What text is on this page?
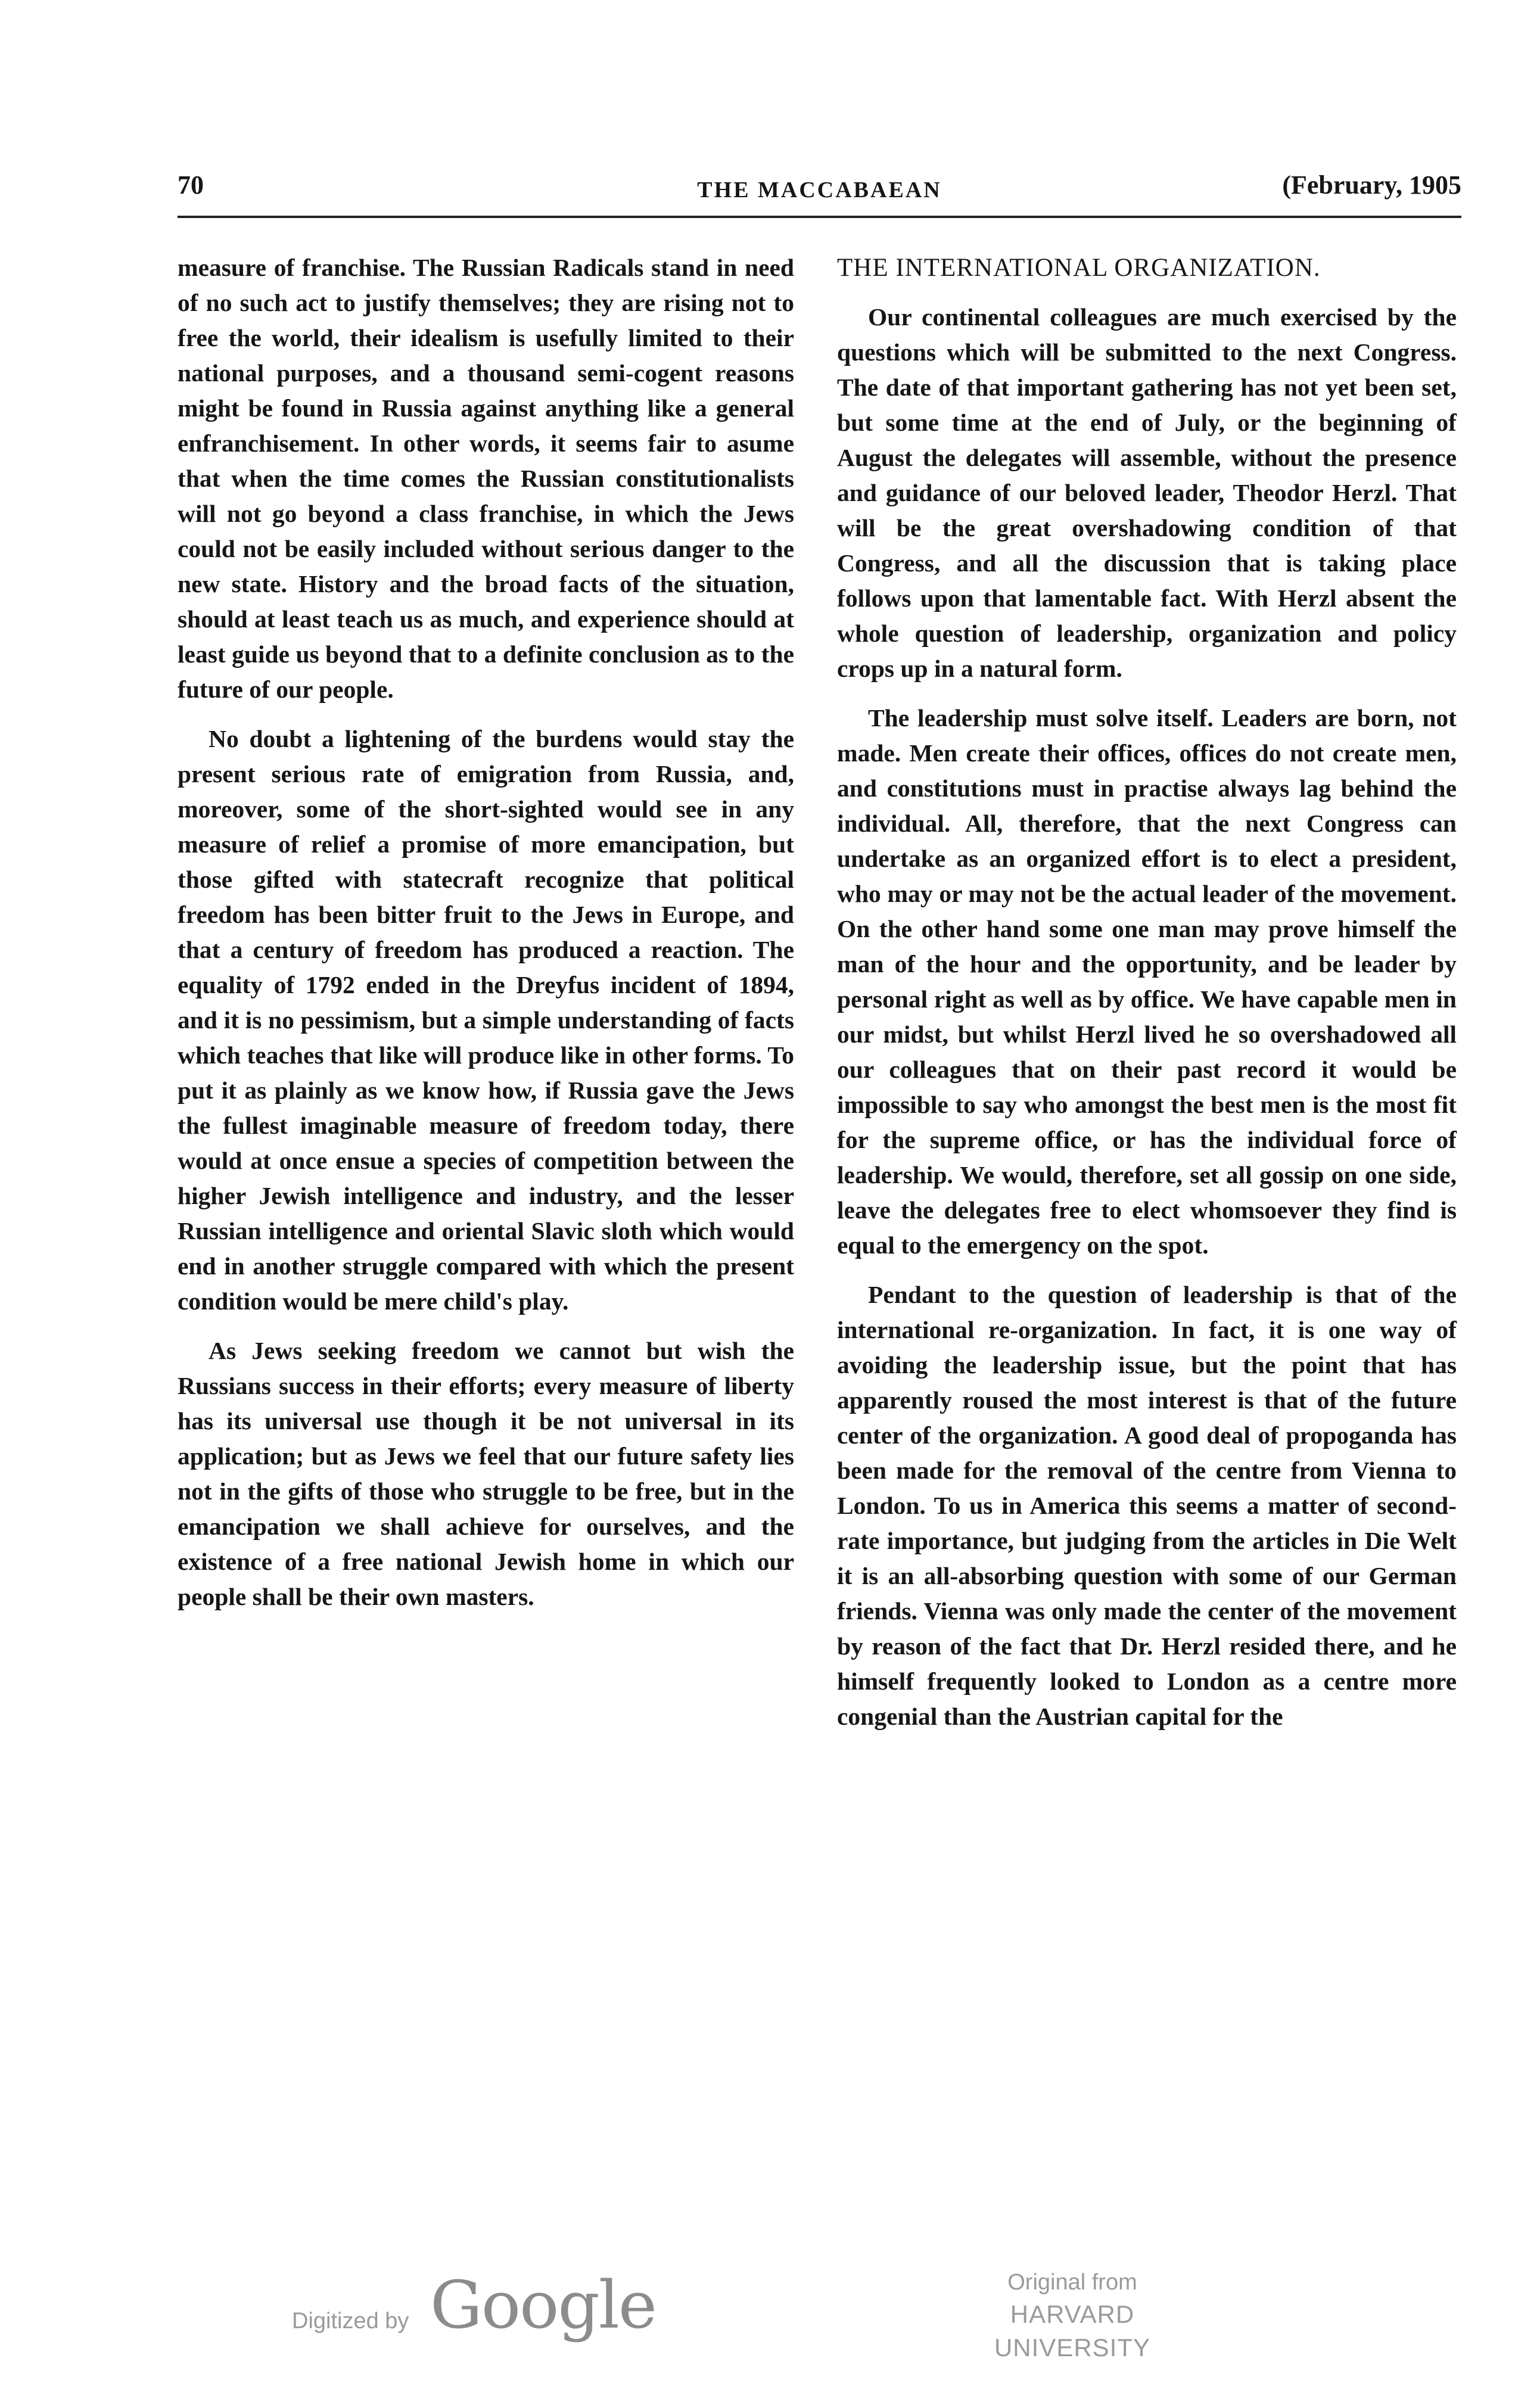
70	THE MACCABAEAN	(February, 1905

measure of franchise. The Russian Radicals stand in need of no such act to justify themselves; they are rising not to free the world, their idealism is usefully limited to their national purposes, and a thousand semi-cogent reasons might be found in Russia against anything like a general enfranchisement. In other words, it seems fair to asume that when the time comes the Russian constitutionalists will not go beyond a class franchise, in which the Jews could not be easily included without serious danger to the new state. History and the broad facts of the situation, should at least teach us as much, and experience should at least guide us beyond that to a definite conclusion as to the future of our people.

No doubt a lightening of the burdens would stay the present serious rate of emigration from Russia, and, moreover, some of the short-sighted would see in any measure of relief a promise of more emancipation, but those gifted with statecraft recognize that political freedom has been bitter fruit to the Jews in Europe, and that a century of freedom has produced a reaction. The equality of 1792 ended in the Dreyfus incident of 1894, and it is no pessimism, but a simple understanding of facts which teaches that like will produce like in other forms. To put it as plainly as we know how, if Russia gave the Jews the fullest imaginable measure of freedom today, there would at once ensue a species of competition between the higher Jewish intelligence and industry, and the lesser Russian intelligence and oriental Slavic sloth which would end in another struggle compared with which the present condition would be mere child's play.

As Jews seeking freedom we cannot but wish the Russians success in their efforts; every measure of liberty has its universal use though it be not universal in its application; but as Jews we feel that our future safety lies not in the gifts of those who struggle to be free, but in the emancipation we shall achieve for ourselves, and the existence of a free national Jewish home in which our people shall be their own masters.

THE INTERNATIONAL ORGANIZATION.

Our continental colleagues are much exercised by the questions which will be submitted to the next Congress. The date of that important gathering has not yet been set, but some time at the end of July, or the beginning of August the delegates will assemble, without the presence and guidance of our beloved leader, Theodor Herzl. That will be the great overshadowing condition of that Congress, and all the discussion that is taking place follows upon that lamentable fact. With Herzl absent the whole question of leadership, organization and policy crops up in a natural form.

The leadership must solve itself. Leaders are born, not made. Men create their offices, offices do not create men, and constitutions must in practise always lag behind the individual. All, therefore, that the next Congress can undertake as an organized effort is to elect a president, who may or may not be the actual leader of the movement. On the other hand some one man may prove himself the man of the hour and the opportunity, and be leader by personal right as well as by office. We have capable men in our midst, but whilst Herzl lived he so overshadowed all our colleagues that on their past record it would be impossible to say who amongst the best men is the most fit for the supreme office, or has the individual force of leadership. We would, therefore, set all gossip on one side, leave the delegates free to elect whomsoever they find is equal to the emergency on the spot.

Pendant to the question of leadership is that of the international re-organization. In fact, it is one way of avoiding the leadership issue, but the point that has apparently roused the most interest is that of the future center of the organization. A good deal of propoganda has been made for the removal of the centre from Vienna to London. To us in America this seems a matter of second-rate importance, but judging from the articles in Die Welt it is an all-absorbing question with some of our German friends. Vienna was only made the center of the movement by reason of the fact that Dr. Herzl resided there, and he himself frequently looked to London as a centre more congenial than the Austrian capital for the

Digitized by Google	Original from
HARVARD UNIVERSITY
